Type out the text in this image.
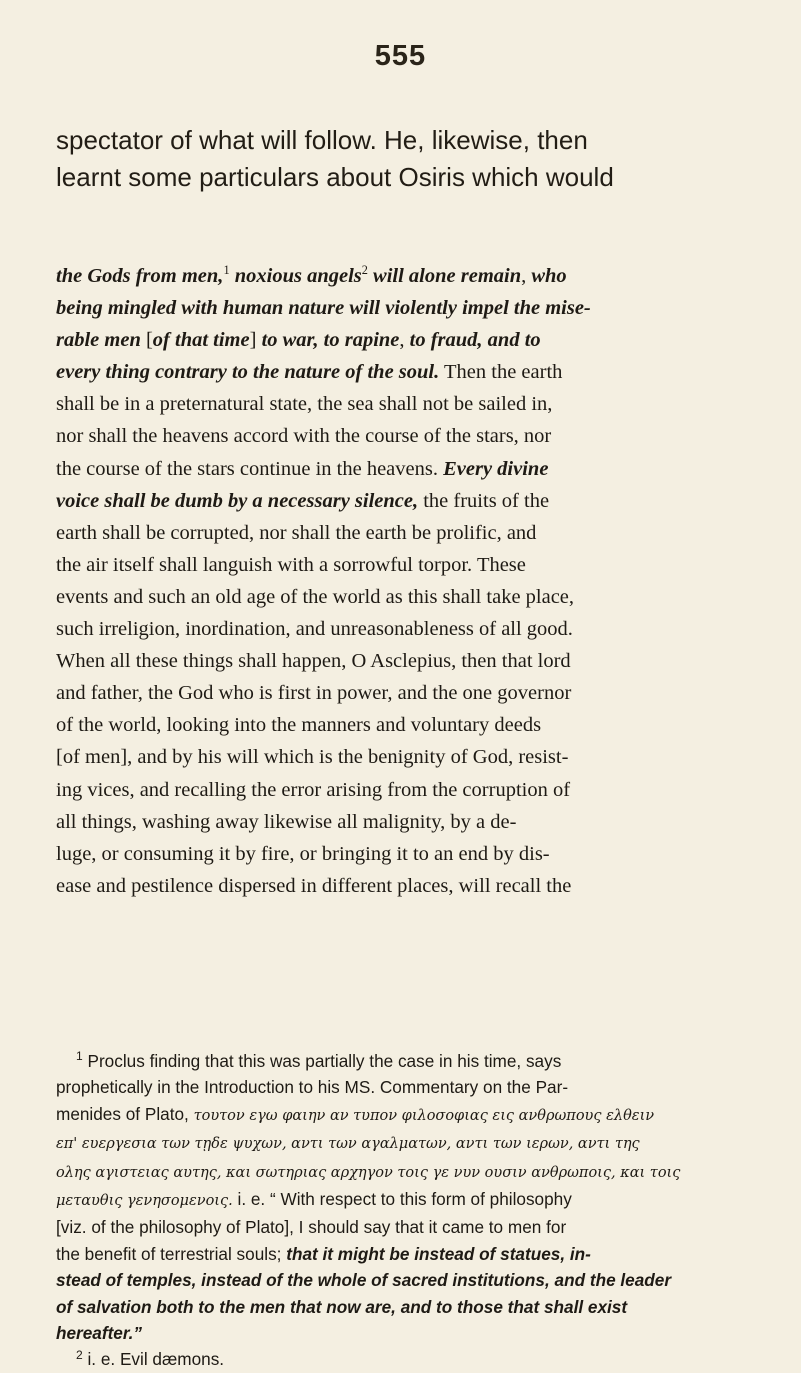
555
spectator of what will follow. He, likewise, then
learnt some particulars about Osiris which would
the Gods from men,$^1$ noxious angels$^2$ will alone remain, who
being mingled with human nature will violently impel the mise-
rable men [of that time] to war, to rapine, to fraud, and to
every thing contrary to the nature of the soul. Then the earth
shall be in a preternatural state, the sea shall not be sailed in,
nor shall the heavens accord with the course of the stars, nor
the course of the stars continue in the heavens. Every divine
voice shall be dumb by a necessary silence, the fruits of the
earth shall be corrupted, nor shall the earth be prolific, and
the air itself shall languish with a sorrowful torpor. These
events and such an old age of the world as this shall take place,
such irreligion, inordination, and unreasonableness of all good.
When all these things shall happen, O Asclepius, then that lord
and father, the God who is first in power, and the one governor
of the world, looking into the manners and voluntary deeds
[of men], and by his will which is the benignity of God, resist-
ing vices, and recalling the error arising from the corruption of
all things, washing away likewise all malignity, by a de-
luge, or consuming it by fire, or bringing it to an end by dis-
ease and pestilence dispersed in different places, will recall the
$^1$ Proclus finding that this was partially the case in his time, says
prophetically in the Introduction to his MS. Commentary on the Par-
menides of Plato, τουτον εγω φαιην αν τυπον φιλοσοφιας εις ανθρωπους ελθειν
επ' ευεργεσια των τῃδε ψυχων, αντι των αγαλματων, αντι των ιερων, αντι της
ολης αγιστειας αυτης, και σωτηριας αρχηγον τοις γε νυν ουσιν ανθρωποις, και τοις
μεταυθις γενησομενοις. i. e. “ With respect to this form of philosophy
[viz. of the philosophy of Plato], I should say that it came to men for
the benefit of terrestrial souls; that it might be instead of statues, in-
stead of temples, instead of the whole of sacred institutions, and the leader
of salvation both to the men that now are, and to those that shall exist
hereafter.”
$^2$ i. e. Evil dæmons.
